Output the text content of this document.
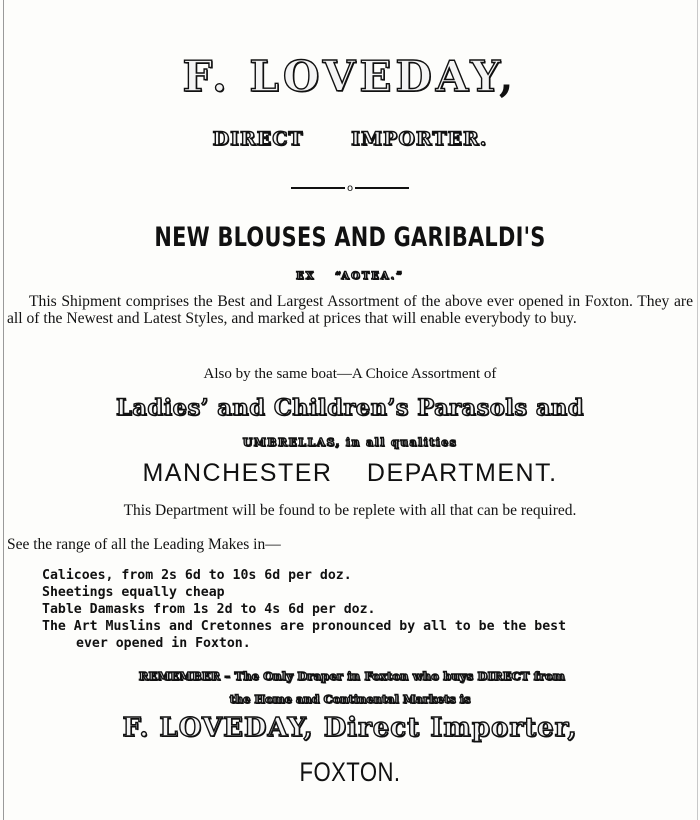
F. LOVEDAY,
DIRECT IMPORTER.
o
NEW BLOUSES AND GARIBALDI'S
EX “AOTEA.”
This Shipment comprises the Best and Largest Assortment of the above ever opened in Foxton. They are all of the Newest and Latest Styles, and marked at prices that will enable everybody to buy.
Also by the same boat—A Choice Assortment of
Ladies’ and Children’s Parasols and
UMBRELLAS, in all qualities
MANCHESTER DEPARTMENT.
This Department will be found to be replete with all that can be required.
See the range of all the Leading Makes in—
Calicoes, from 2s 6d to 10s 6d per doz.
Sheetings equally cheap
Table Damasks from 1s 2d to 4s 6d per doz.
The Art Muslins and Cretonnes are pronounced by all to be the best
ever opened in Foxton.
REMEMBER – The Only Draper in Foxton who buys DIRECT from
the Home and Continental Markets is
F. LOVEDAY, Direct Importer,
FOXTON.
